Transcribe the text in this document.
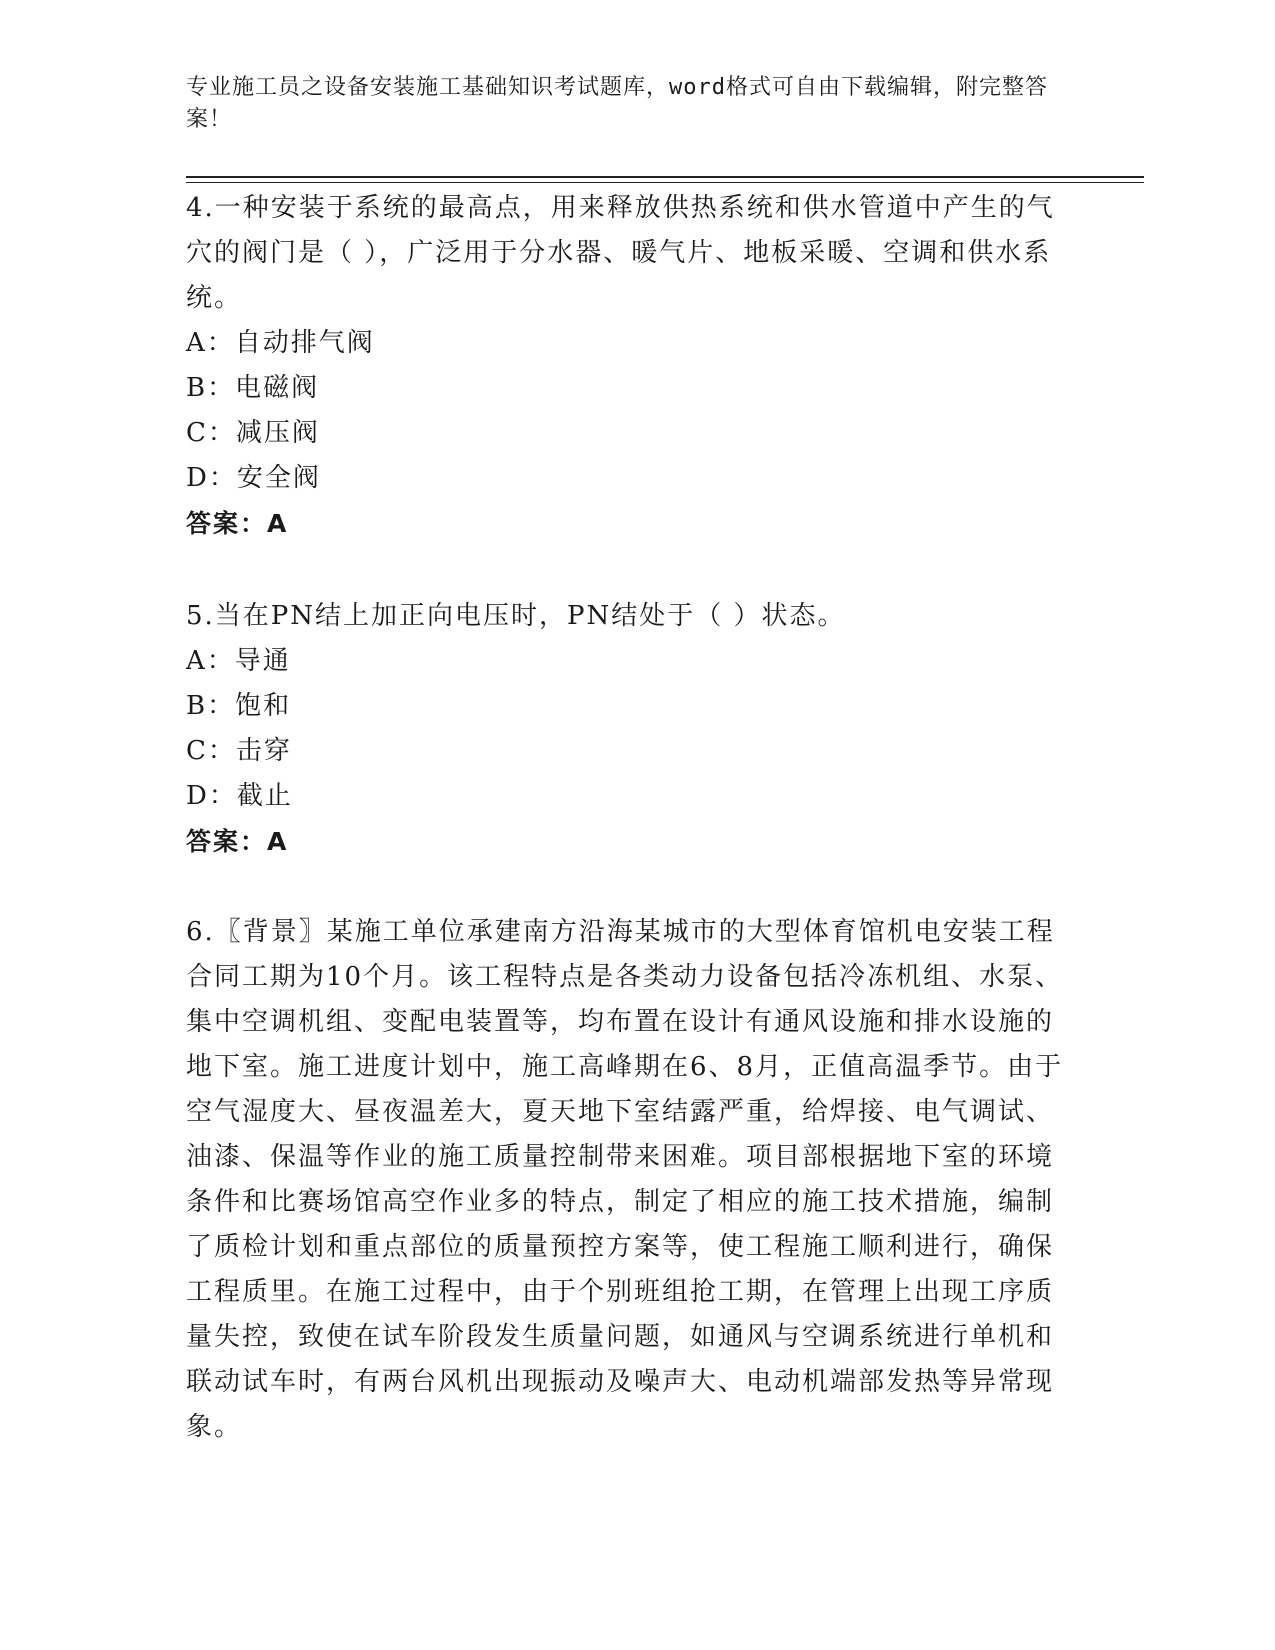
专业施工员之设备安装施工基础知识考试题库，word格式可自由下载编辑，附完整答案！
4.一种安装于系统的最高点，用来释放供热系统和供水管道中产生的气穴的阀门是（ ），广泛用于分水器、暖气片、地板采暖、空调和供水系统。
A：自动排气阀
B：电磁阀
C：减压阀
D：安全阀
答案：A
5.当在PN结上加正向电压时，PN结处于（ ）状态。
A：导通
B：饱和
C：击穿
D：截止
答案：A
6.〖背景〗某施工单位承建南方沿海某城市的大型体育馆机电安装工程合同工期为10个月。该工程特点是各类动力设备包括冷冻机组、水泵、集中空调机组、变配电装置等，均布置在设计有通风设施和排水设施的地下室。施工进度计划中，施工高峰期在6、8月，正值高温季节。由于空气湿度大、昼夜温差大，夏天地下室结露严重，给焊接、电气调试、油漆、保温等作业的施工质量控制带来困难。项目部根据地下室的环境条件和比赛场馆高空作业多的特点，制定了相应的施工技术措施，编制了质检计划和重点部位的质量预控方案等，使工程施工顺利进行，确保工程质里。在施工过程中，由于个别班组抢工期，在管理上出现工序质量失控，致使在试车阶段发生质量问题，如通风与空调系统进行单机和联动试车时，有两台风机出现振动及噪声大、电动机端部发热等异常现象。
